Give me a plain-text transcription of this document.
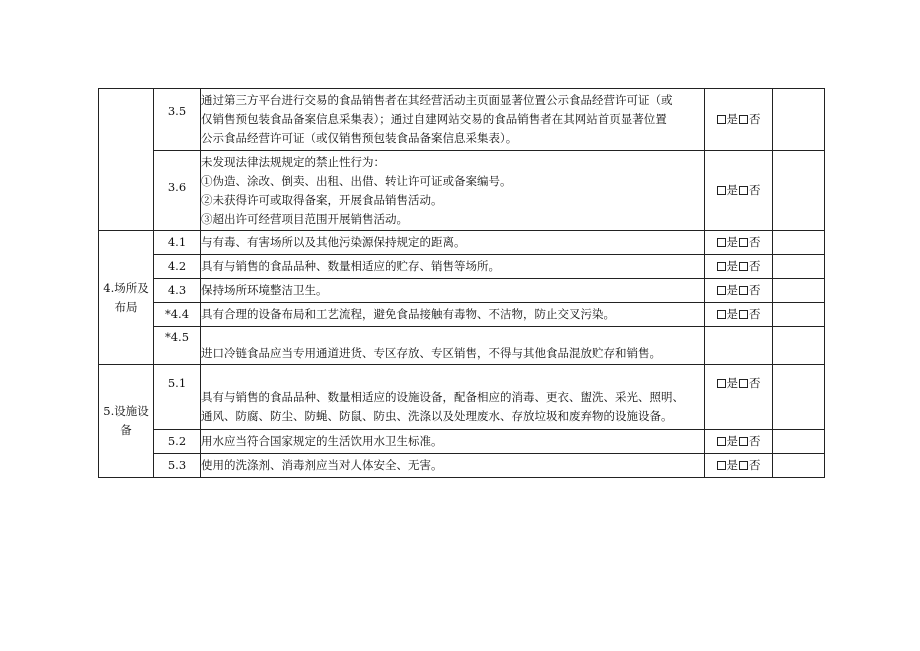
	3.5	通过第三方平台进行交易的食品销售者在其经营活动主页面显著位置公示食品经营许可证（或
仅销售预包装食品备案信息采集表）；通过自建网站交易的食品销售者在其网站首页显著位置
公示食品经营许可证（或仅销售预包装食品备案信息采集表）。	是 否	

	3.6	未发现法律法规规定的禁止性行为：
①伪造、涂改、倒卖、出租、出借、转让许可证或备案编号。
②未获得许可或取得备案，开展食品销售活动。
③超出许可经营项目范围开展销售活动。	是 否	

4.场所及
布局	4.1	与有毒、有害场所以及其他污染源保持规定的距离。	是 否	
	4.2	具有与销售的食品品种、数量相适应的贮存、销售等场所。	是 否	
	4.3	保持场所环境整洁卫生。	是 否	
	*4.4	具有合理的设备布局和工艺流程，避免食品接触有毒物、不洁物，防止交叉污染。	是 否	

	*4.5	进口冷链食品应当专用通道进货、专区存放、专区销售，不得与其他食品混放贮存和销售。		

5.设施设
备	5.1	具有与销售的食品品种、数量相适应的设施设备，配备相应的消毒、更衣、盥洗、采光、照明、
通风、防腐、防尘、防蝇、防鼠、防虫、洗涤以及处理废水、存放垃圾和废弃物的设施设备。	是 否	

	5.2	用水应当符合国家规定的生活饮用水卫生标准。	是 否	
	5.3	使用的洗涤剂、消毒剂应当对人体安全、无害。	是 否	
